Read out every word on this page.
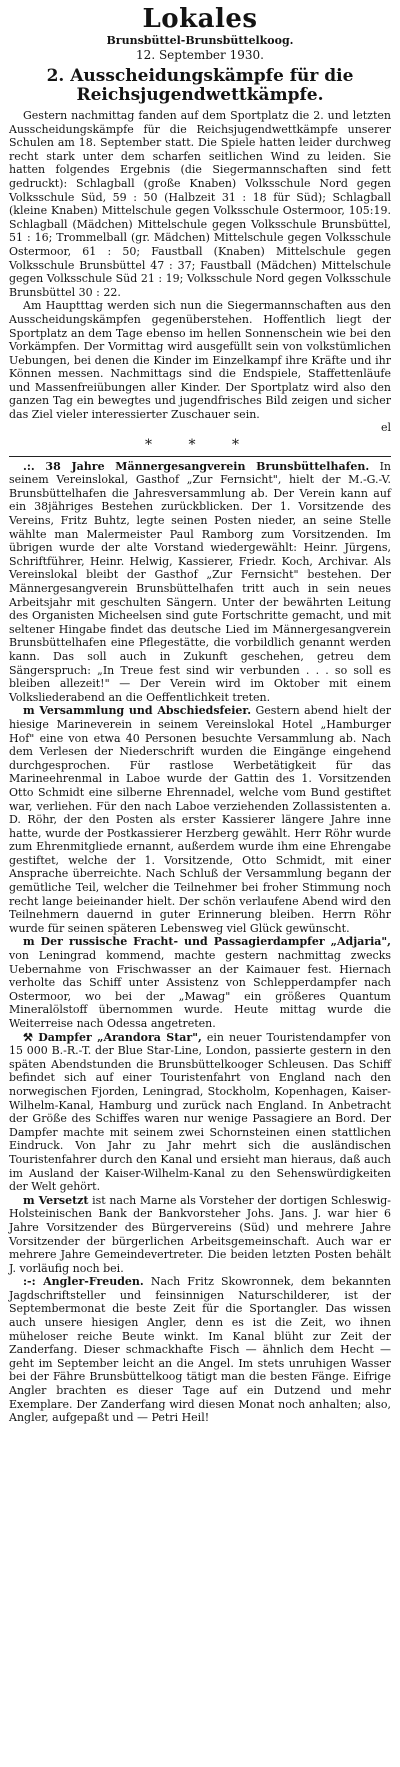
Lokales
Brunsbüttel-Brunsbüttelkoog.
12. September 1930.
2. Ausscheidungskämpfe für die Reichsjugendwettkämpfe.

Gestern nachmittag fanden auf dem Sportplatz die 2. und letzten Ausscheidungskämpfe für die Reichsjugendwettkämpfe unserer Schulen am 18. September statt. Die Spiele hatten leider durchweg recht stark unter dem scharfen seitlichen Wind zu leiden. Sie hatten folgendes Ergebnis (die Siegermannschaften sind fett gedruckt): Schlagball (große Knaben) Volksschule Nord gegen Volksschule Süd, 59 : 50 (Halbzeit 31 : 18 für Süd); Schlagball (kleine Knaben) Mittelschule gegen Volksschule Ostermoor, 105:19. Schlagball (Mädchen) Mittelschule gegen Volksschule Brunsbüttel, 51 : 16; Trommelball (gr. Mädchen) Mittelschule gegen Volksschule Ostermoor, 61 : 50; Faustball (Knaben) Mittelschule gegen Volksschule Brunsbüttel 47 : 37; Faustball (Mädchen) Mittelschule gegen Volksschule Süd 21 : 19; Volksschule Nord gegen Volksschule Brunsbüttel 30 : 22.

Am Hauptttag werden sich nun die Siegermannschaften aus den Ausscheidungskämpfen gegenüberstehen. Hoffentlich liegt der Sportplatz an dem Tage ebenso im hellen Sonnenschein wie bei den Vorkämpfen. Der Vormittag wird ausgefüllt sein von volkstümlichen Uebungen, bei denen die Kinder im Einzelkampf ihre Kräfte und ihr Können messen. Nachmittags sind die Endspiele, Staffettenläufe und Massenfreiübungen aller Kinder. Der Sportplatz wird also den ganzen Tag ein bewegtes und jugendfrisches Bild zeigen und sicher das Ziel vieler interessierter Zuschauer sein.

el
* * *

.:. 38 Jahre Männergesangverein Brunsbüttelhafen. In seinem Vereinslokal, Gasthof „Zur Fernsicht", hielt der M.-G.-V. Brunsbüttelhafen die Jahresversammlung ab. Der Verein kann auf ein 38jähriges Bestehen zurückblicken. Der 1. Vorsitzende des Vereins, Fritz Buhtz, legte seinen Posten nieder, an seine Stelle wählte man Malermeister Paul Ramborg zum Vorsitzenden. Im übrigen wurde der alte Vorstand wiedergewählt: Heinr. Jürgens, Schriftführer, Heinr. Helwig, Kassierer, Friedr. Koch, Archivar. Als Vereinslokal bleibt der Gasthof „Zur Fernsicht" bestehen. Der Männergesangverein Brunsbüttelhafen tritt auch in sein neues Arbeitsjahr mit geschulten Sängern. Unter der bewährten Leitung des Organisten Micheelsen sind gute Fortschritte gemacht, und mit seltener Hingabe findet das deutsche Lied im Männergesangverein Brunsbüttelhafen eine Pflegestätte, die vorbildlich genannt werden kann. Das soll auch in Zukunft geschehen, getreu dem Sängerspruch: „In Treue fest sind wir verbunden . . . so soll es bleiben allezeit!" — Der Verein wird im Oktober mit einem Volksliederabend an die Oeffentlichkeit treten.

m Versammlung und Abschiedsfeier. Gestern abend hielt der hiesige Marineverein in seinem Vereinslokal Hotel „Hamburger Hof" eine von etwa 40 Personen besuchte Versammlung ab. Nach dem Verlesen der Niederschrift wurden die Eingänge eingehend durchgesprochen. Für rastlose Werbetätigkeit für das Marineehrenmal in Laboe wurde der Gattin des 1. Vorsitzenden Otto Schmidt eine silberne Ehrennadel, welche vom Bund gestiftet war, verliehen. Für den nach Laboe verziehenden Zollassistenten a. D. Röhr, der den Posten als erster Kassierer längere Jahre inne hatte, wurde der Postkassierer Herzberg gewählt. Herr Röhr wurde zum Ehrenmitgliede ernannt, außerdem wurde ihm eine Ehrengabe gestiftet, welche der 1. Vorsitzende, Otto Schmidt, mit einer Ansprache überreichte. Nach Schluß der Versammlung begann der gemütliche Teil, welcher die Teilnehmer bei froher Stimmung noch recht lange beieinander hielt. Der schön verlaufene Abend wird den Teilnehmern dauernd in guter Erinnerung bleiben. Herrn Röhr wurde für seinen späteren Lebensweg viel Glück gewünscht.

m Der russische Fracht- und Passagierdampfer „Adjaria", von Leningrad kommend, machte gestern nachmittag zwecks Uebernahme von Frischwasser an der Kaimauer fest. Hiernach verholte das Schiff unter Assistenz von Schlepperdampfer nach Ostermoor, wo bei der „Mawag" ein größeres Quantum Mineralölstoff übernommen wurde. Heute mittag wurde die Weiterreise nach Odessa angetreten.

⚒ Dampfer „Arandora Star", ein neuer Touristendampfer von 15 000 B.-R.-T. der Blue Star-Line, London, passierte gestern in den späten Abendstunden die Brunsbüttelkooger Schleusen. Das Schiff befindet sich auf einer Touristenfahrt von England nach den norwegischen Fjorden, Leningrad, Stockholm, Kopenhagen, Kaiser-Wilhelm-Kanal, Hamburg und zurück nach England. In Anbetracht der Größe des Schiffes waren nur wenige Passagiere an Bord. Der Dampfer machte mit seinem zwei Schornsteinen einen stattlichen Eindruck. Von Jahr zu Jahr mehrt sich die ausländischen Touristenfahrer durch den Kanal und ersieht man hieraus, daß auch im Ausland der Kaiser-Wilhelm-Kanal zu den Sehenswürdigkeiten der Welt gehört.

m Versetzt ist nach Marne als Vorsteher der dortigen Schleswig-Holsteinischen Bank der Bankvorsteher Johs. Jans. J. war hier 6 Jahre Vorsitzender des Bürgervereins (Süd) und mehrere Jahre Vorsitzender der bürgerlichen Arbeitsgemeinschaft. Auch war er mehrere Jahre Gemeindevertreter. Die beiden letzten Posten behält J. vorläufig noch bei.

:-: Angler-Freuden. Nach Fritz Skowronnek, dem bekannten Jagdschriftsteller und feinsinnigen Naturschilderer, ist der Septembermonat die beste Zeit für die Sportangler. Das wissen auch unsere hiesigen Angler, denn es ist die Zeit, wo ihnen müheloser reiche Beute winkt. Im Kanal blüht zur Zeit der Zanderfang. Dieser schmackhafte Fisch — ähnlich dem Hecht — geht im September leicht an die Angel. Im stets unruhigen Wasser bei der Fähre Brunsbüttelkoog tätigt man die besten Fänge. Eifrige Angler brachten es dieser Tage auf ein Dutzend und mehr Exemplare. Der Zanderfang wird diesen Monat noch anhalten; also, Angler, aufgepaßt und — Petri Heil!
